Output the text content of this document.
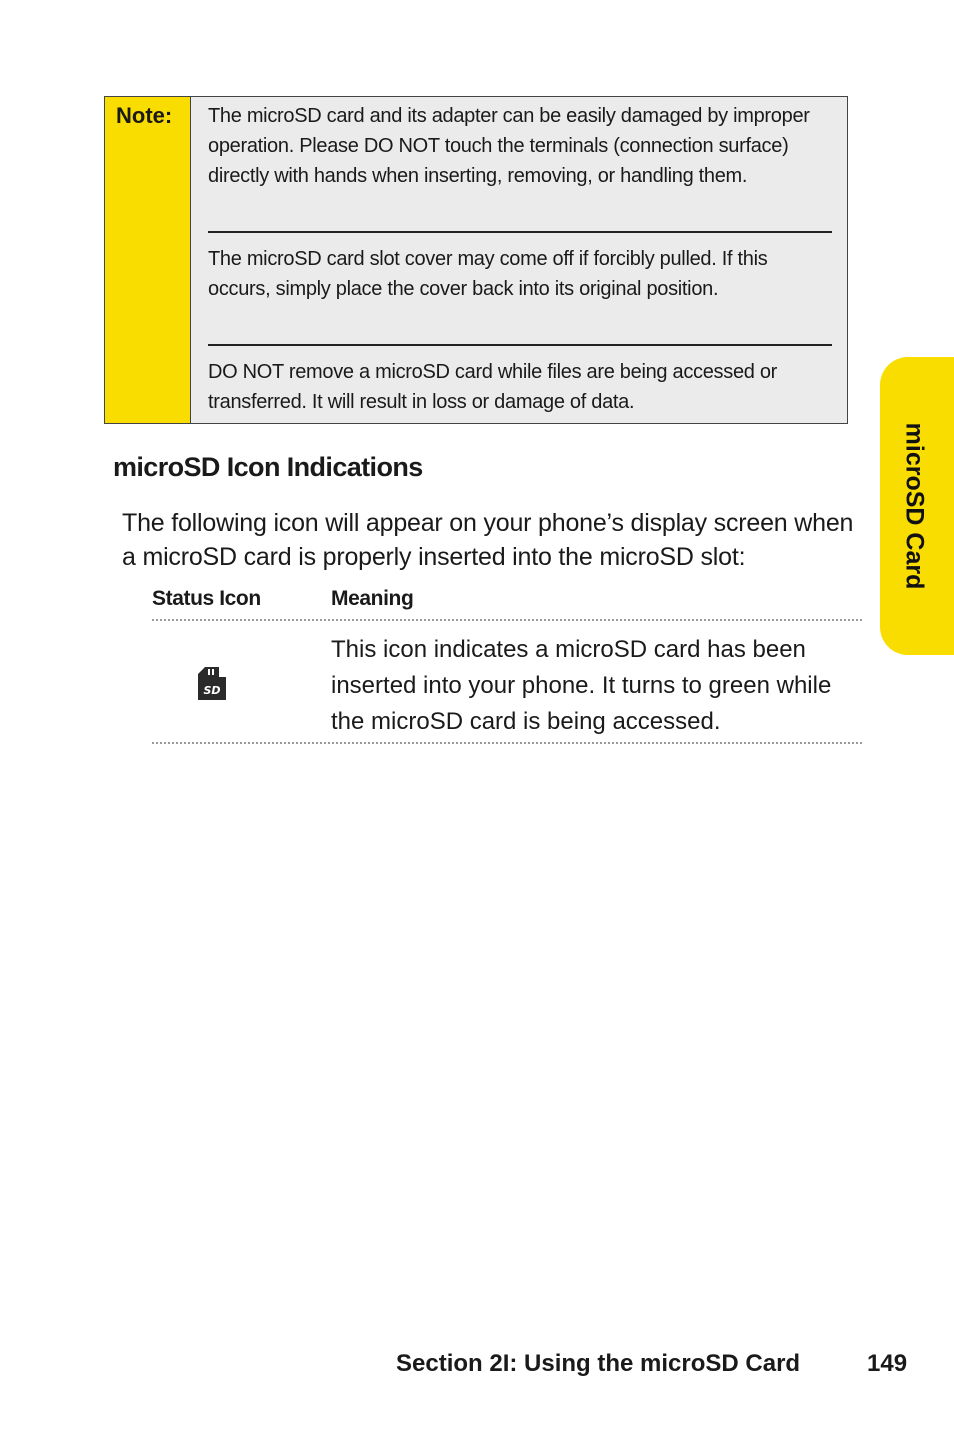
Note: The microSD card and its adapter can be easily damaged by improper operation. Please DO NOT touch the terminals (connection surface) directly with hands when inserting, removing, or handling them.
The microSD card slot cover may come off if forcibly pulled. If this occurs, simply place the cover back into its original position.
DO NOT remove a microSD card while files are being accessed or transferred. It will result in loss or damage of data.
microSD Icon Indications
The following icon will appear on your phone’s display screen when a microSD card is properly inserted into the microSD slot:
Status Icon	Meaning
SD
This icon indicates a microSD card has been inserted into your phone. It turns to green while the microSD card is being accessed.
microSD Card
Section 2I: Using the microSD Card	149
